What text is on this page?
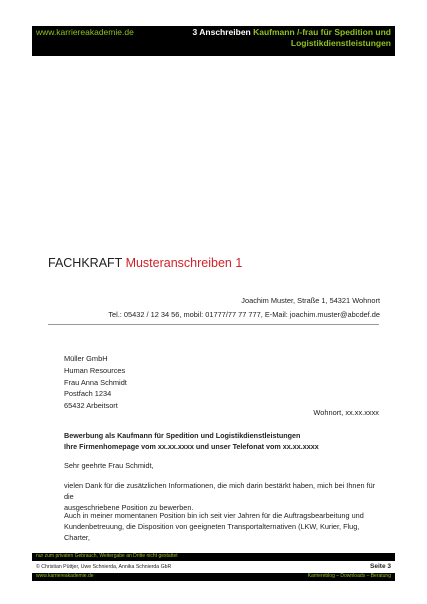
www.karriereakademie.de	3 Anschreiben Kaufmann /-frau für Spedition und Logistikdienstleistungen
FACHKRAFT Musteranschreiben 1
Joachim Muster, Straße 1, 54321 Wohnort
Tel.: 05432 / 12 34 56, mobil: 01777/77 77 777, E-Mail: joachim.muster@abcdef.de
Müller GmbH
Human Resources
Frau Anna Schmidt
Postfach 1234
65432 Arbeitsort
Wohnort, xx.xx.xxxx
Bewerbung als Kaufmann für Spedition und Logistikdienstleistungen
Ihre Firmenhomepage vom xx.xx.xxxx und unser Telefonat vom xx.xx.xxxx
Sehr geehrte Frau Schmidt,
vielen Dank für die zusätzlichen Informationen, die mich darin bestärkt haben, mich bei Ihnen für die
ausgeschriebene Position zu bewerben.
Auch in meiner momentanen Position bin ich seit vier Jahren für die Auftragsbearbeitung und
Kundenbetreuung, die Disposition von geeigneten Transportalternativen (LKW, Kurier, Flug, Charter,
nur zum privaten Gebrauch, Weitergabe an Dritte nicht gestattet
© Christian Püttjer, Uwe Schnierda, Annika Schnierda GbR	Seite 3
www.karriereakademie.de	Karriereblog – Downloads – Beratung
